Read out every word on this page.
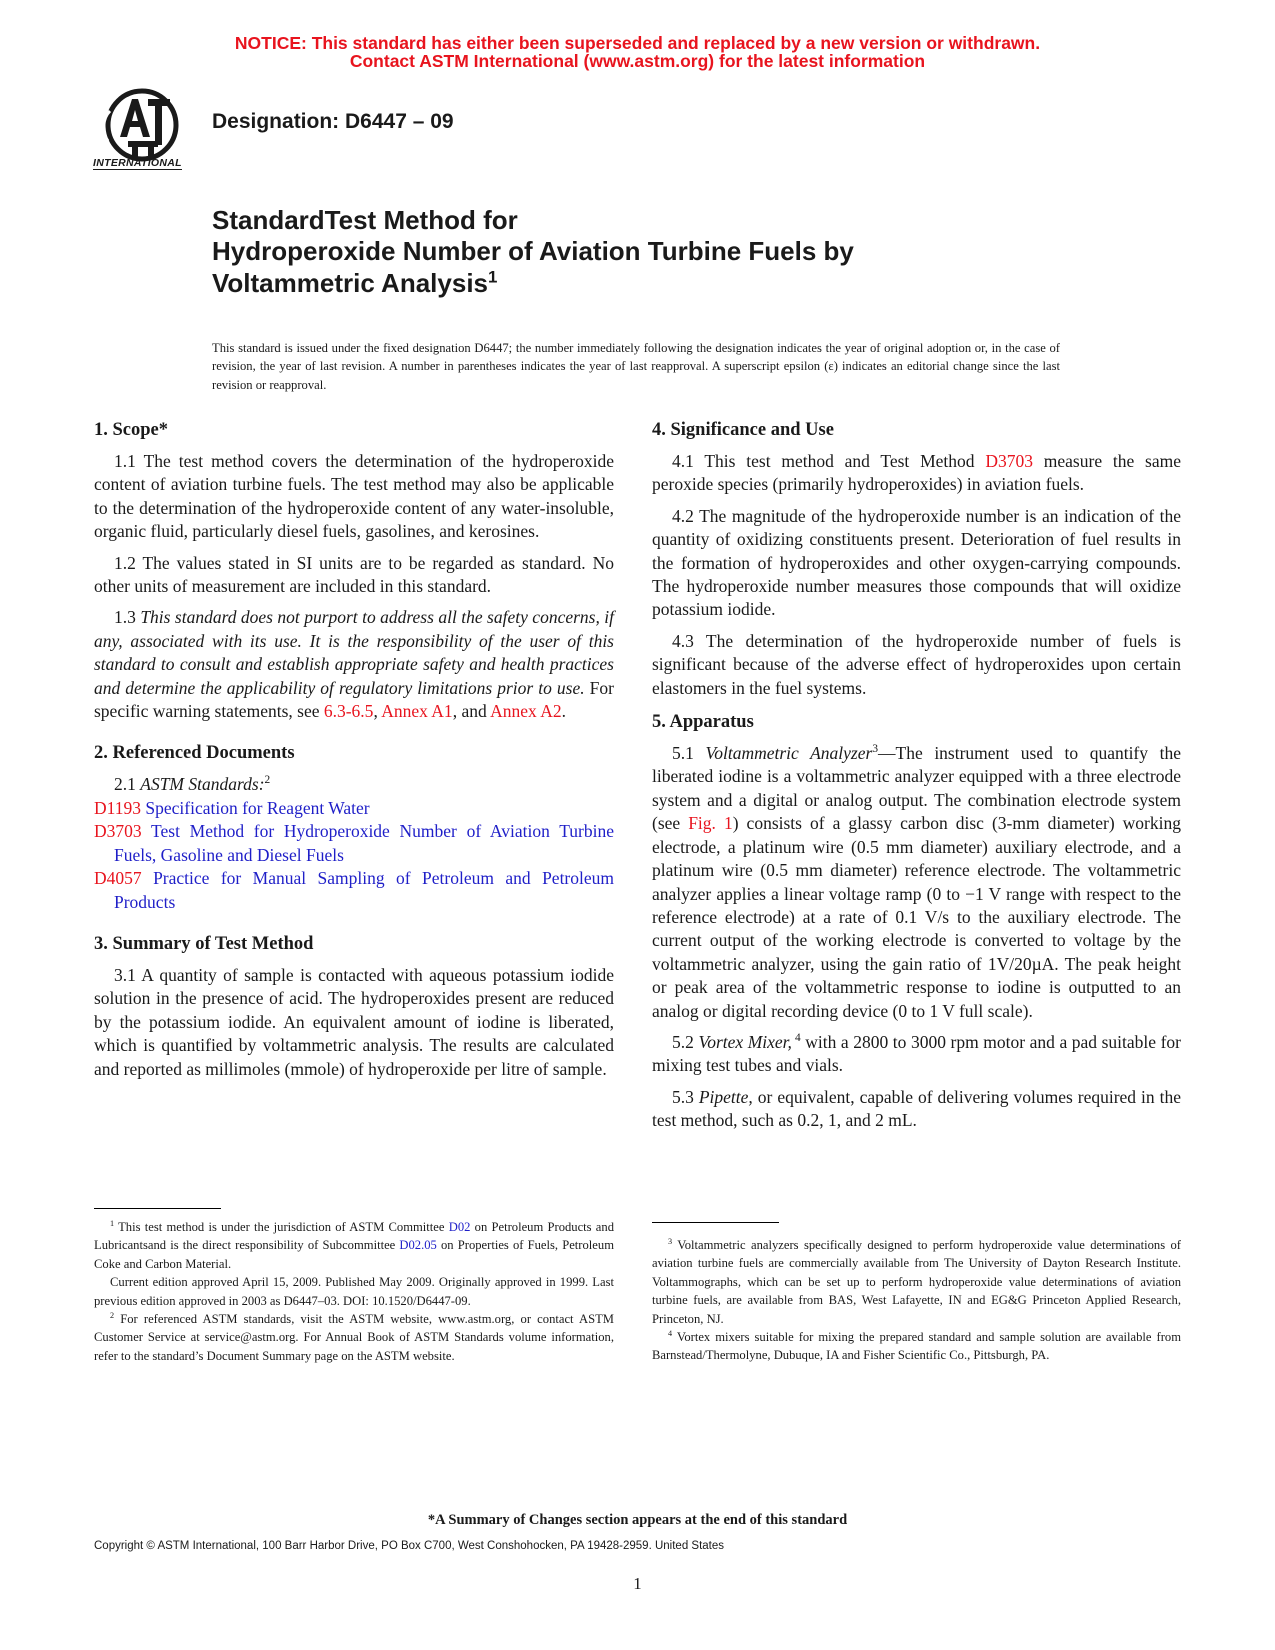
NOTICE: This standard has either been superseded and replaced by a new version or withdrawn.
Contact ASTM International (www.astm.org) for the latest information
INTERNATIONAL
Designation: D6447 – 09
StandardTest Method for
Hydroperoxide Number of Aviation Turbine Fuels by
Voltammetric Analysis$^1$
This standard is issued under the fixed designation D6447; the number immediately following the designation indicates the year of original adoption or, in the case of revision, the year of last revision. A number in parentheses indicates the year of last reapproval. A superscript epsilon (ε) indicates an editorial change since the last revision or reapproval.
1. Scope*

1.1 The test method covers the determination of the hydroperoxide content of aviation turbine fuels. The test method may also be applicable to the determination of the hydroperoxide content of any water-insoluble, organic fluid, particularly diesel fuels, gasolines, and kerosines.

1.2 The values stated in SI units are to be regarded as standard. No other units of measurement are included in this standard.

1.3 This standard does not purport to address all the safety concerns, if any, associated with its use. It is the responsibility of the user of this standard to consult and establish appropriate safety and health practices and determine the applicability of regulatory limitations prior to use. For specific warning statements, see 6.3-6.5, Annex A1, and Annex A2.

2. Referenced Documents

2.1 ASTM Standards:$^2$

D1193 Specification for Reagent Water
D3703 Test Method for Hydroperoxide Number of Aviation Turbine Fuels, Gasoline and Diesel Fuels
D4057 Practice for Manual Sampling of Petroleum and Petroleum Products
3. Summary of Test Method

3.1 A quantity of sample is contacted with aqueous potassium iodide solution in the presence of acid. The hydroperoxides present are reduced by the potassium iodide. An equivalent amount of iodine is liberated, which is quantified by voltammetric analysis. The results are calculated and reported as millimoles (mmole) of hydroperoxide per litre of sample.

4. Significance and Use

4.1 This test method and Test Method D3703 measure the same peroxide species (primarily hydroperoxides) in aviation fuels.

4.2 The magnitude of the hydroperoxide number is an indication of the quantity of oxidizing constituents present. Deterioration of fuel results in the formation of hydroperoxides and other oxygen-carrying compounds. The hydroperoxide number measures those compounds that will oxidize potassium iodide.

4.3 The determination of the hydroperoxide number of fuels is significant because of the adverse effect of hydroperoxides upon certain elastomers in the fuel systems.

5. Apparatus

5.1 Voltammetric Analyzer$^3$—The instrument used to quantify the liberated iodine is a voltammetric analyzer equipped with a three electrode system and a digital or analog output. The combination electrode system (see Fig. 1) consists of a glassy carbon disc (3-mm diameter) working electrode, a platinum wire (0.5 mm diameter) auxiliary electrode, and a platinum wire (0.5 mm diameter) reference electrode. The voltammetric analyzer applies a linear voltage ramp (0 to −1 V range with respect to the reference electrode) at a rate of 0.1 V/s to the auxiliary electrode. The current output of the working electrode is converted to voltage by the voltammetric analyzer, using the gain ratio of 1V/20µA. The peak height or peak area of the voltammetric response to iodine is outputted to an analog or digital recording device (0 to 1 V full scale).

5.2 Vortex Mixer, $^4$ with a 2800 to 3000 rpm motor and a pad suitable for mixing test tubes and vials.

5.3 Pipette, or equivalent, capable of delivering volumes required in the test method, such as 0.2, 1, and 2 mL.

$^1$ This test method is under the jurisdiction of ASTM Committee D02 on Petroleum Products and Lubricantsand is the direct responsibility of Subcommittee D02.05 on Properties of Fuels, Petroleum Coke and Carbon Material.

Current edition approved April 15, 2009. Published May 2009. Originally approved in 1999. Last previous edition approved in 2003 as D6447–03. DOI: 10.1520/D6447-09.

$^2$ For referenced ASTM standards, visit the ASTM website, www.astm.org, or contact ASTM Customer Service at service@astm.org. For Annual Book of ASTM Standards volume information, refer to the standard’s Document Summary page on the ASTM website.

$^3$ Voltammetric analyzers specifically designed to perform hydroperoxide value determinations of aviation turbine fuels are commercially available from The University of Dayton Research Institute. Voltammographs, which can be set up to perform hydroperoxide value determinations of aviation turbine fuels, are available from BAS, West Lafayette, IN and EG&G Princeton Applied Research, Princeton, NJ.

$^4$ Vortex mixers suitable for mixing the prepared standard and sample solution are available from Barnstead/Thermolyne, Dubuque, IA and Fisher Scientific Co., Pittsburgh, PA.

*A Summary of Changes section appears at the end of this standard
Copyright © ASTM International, 100 Barr Harbor Drive, PO Box C700, West Conshohocken, PA 19428-2959. United States
1
